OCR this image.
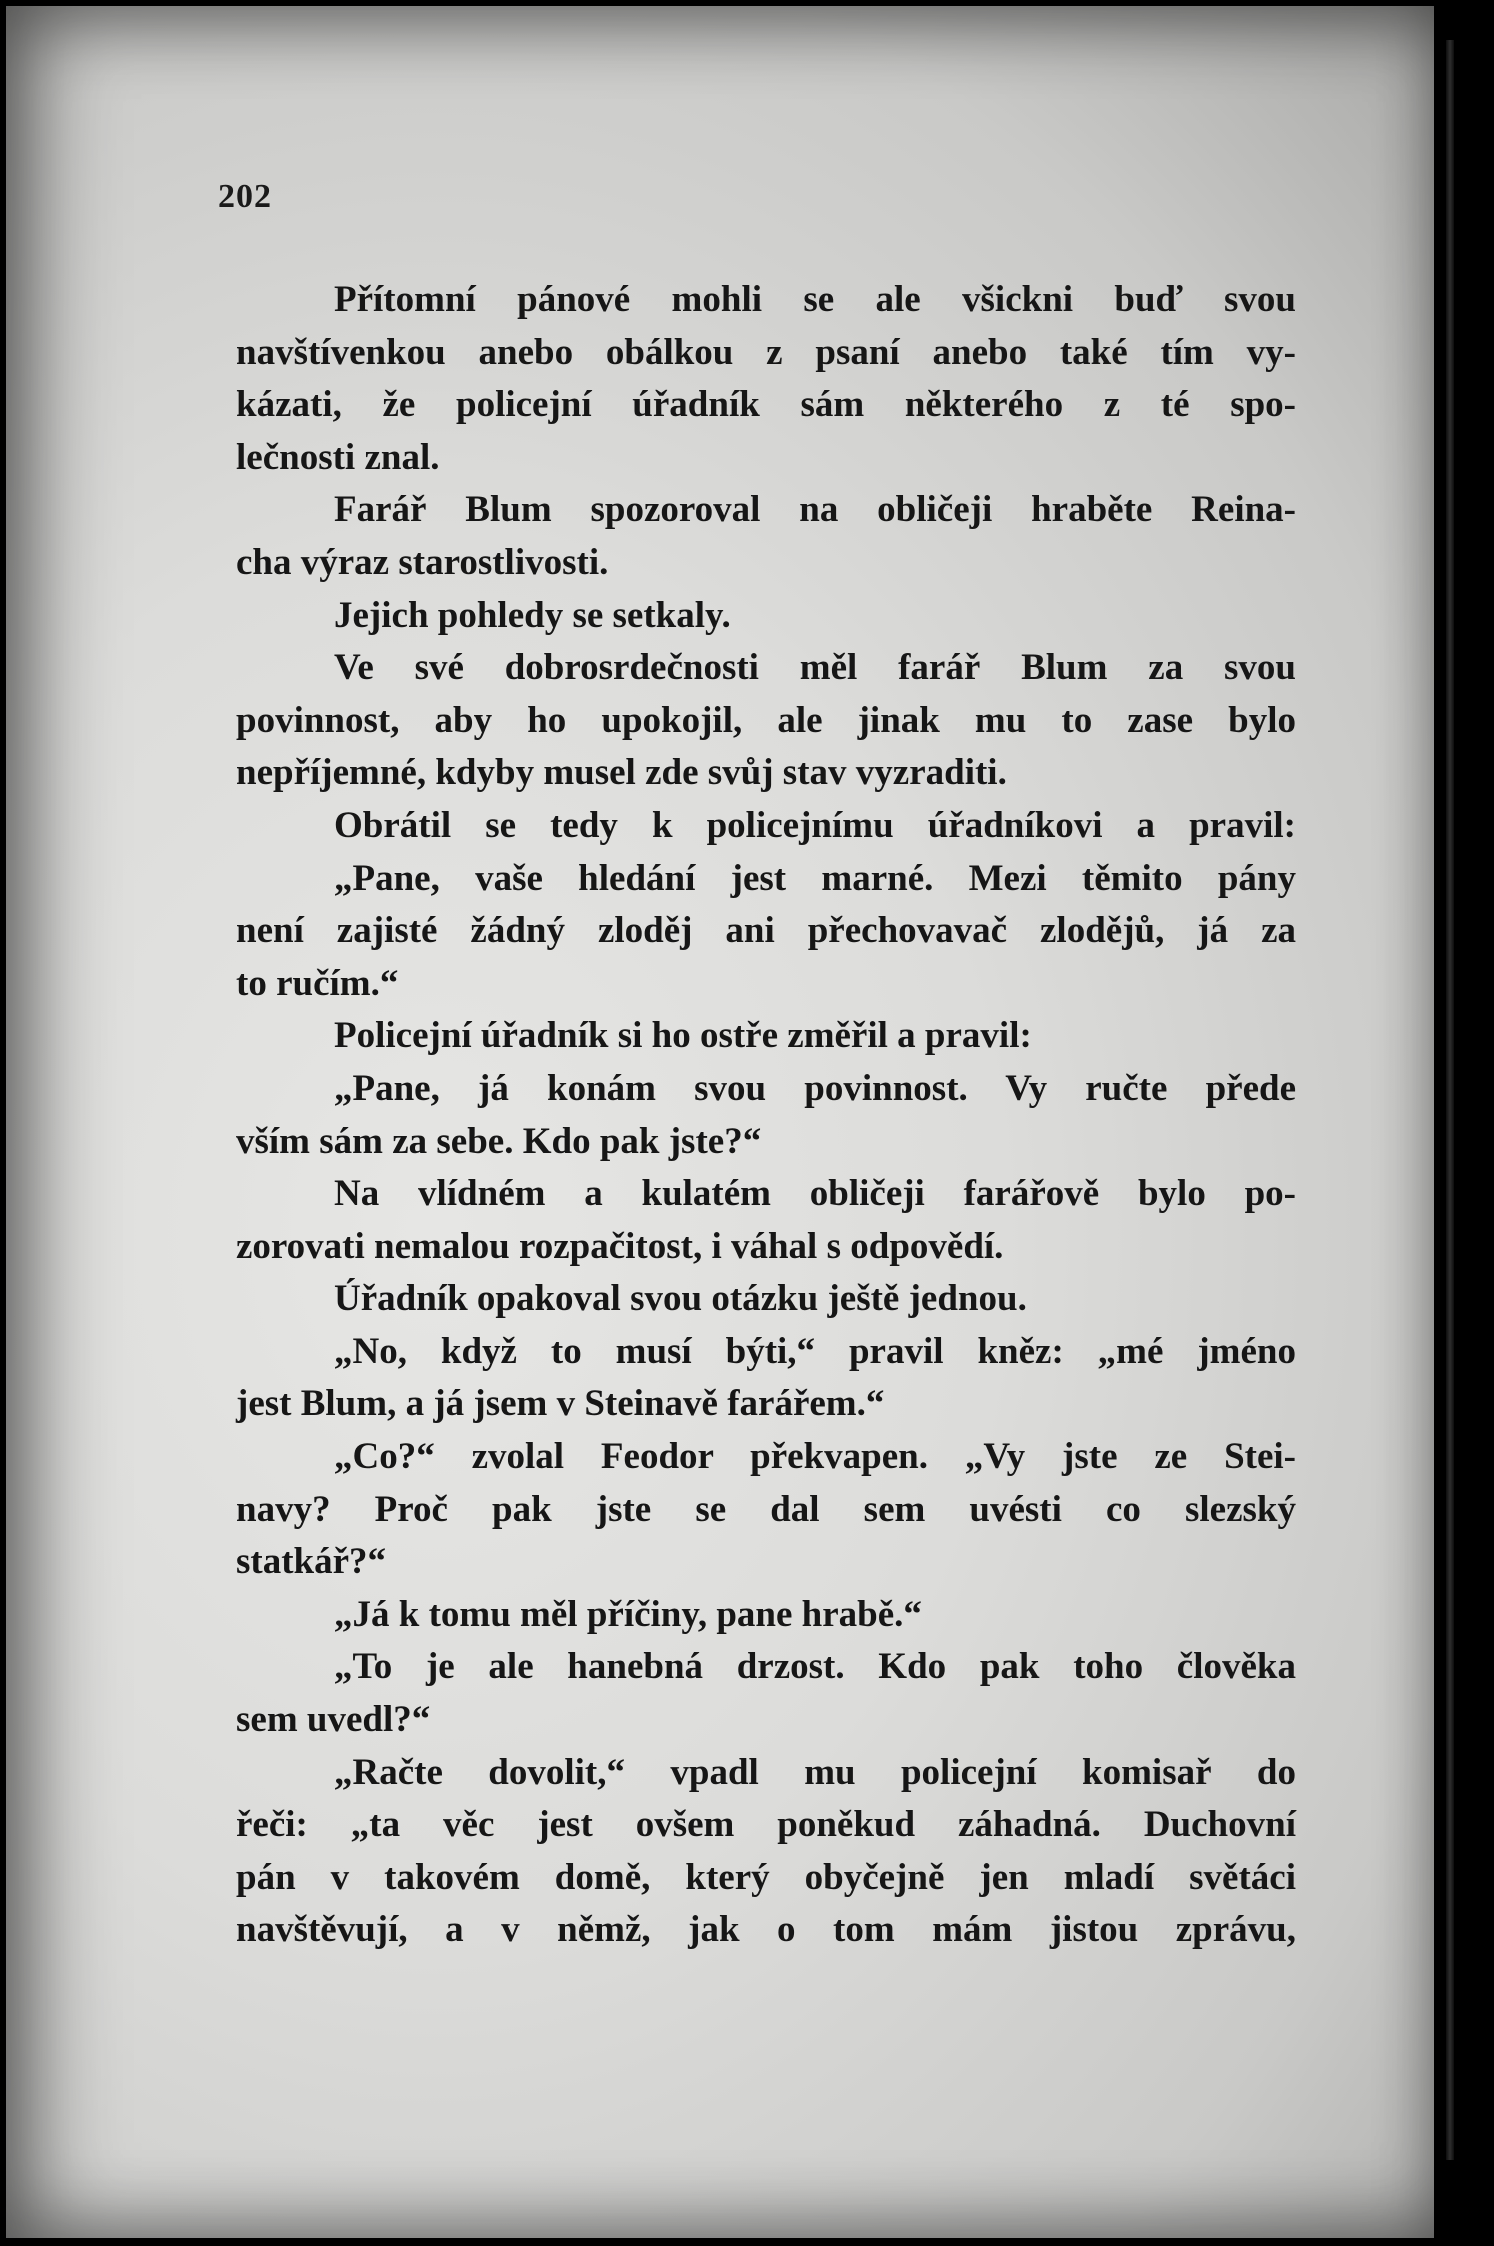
202
Přítomní pánové mohli se ale všickni buď svou
navštívenkou anebo obálkou z psaní anebo také tím vy-
kázati, že policejní úřadník sám některého z té spo-
lečnosti znal.
Farář Blum spozoroval na obličeji hraběte Reina-
cha výraz starostlivosti.
Jejich pohledy se setkaly.
Ve své dobrosrdečnosti měl farář Blum za svou
povinnost, aby ho upokojil, ale jinak mu to zase bylo
nepříjemné, kdyby musel zde svůj stav vyzraditi.
Obrátil se tedy k policejnímu úřadníkovi a pravil:
„Pane, vaše hledání jest marné. Mezi těmito pány
není zajisté žádný zloděj ani přechovavač zlodějů, já za
to ručím.“
Policejní úřadník si ho ostře změřil a pravil:
„Pane, já konám svou povinnost. Vy ručte přede
vším sám za sebe. Kdo pak jste?“
Na vlídném a kulatém obličeji farářově bylo po-
zorovati nemalou rozpačitost, i váhal s odpovědí.
Úřadník opakoval svou otázku ještě jednou.
„No, když to musí býti,“ pravil kněz: „mé jméno
jest Blum, a já jsem v Steinavě farářem.“
„Co?“ zvolal Feodor překvapen. „Vy jste ze Stei-
navy? Proč pak jste se dal sem uvésti co slezský
statkář?“
„Já k tomu měl příčiny, pane hrabě.“
„To je ale hanebná drzost. Kdo pak toho člověka
sem uvedl?“
„Račte dovolit,“ vpadl mu policejní komisař do
řeči: „ta věc jest ovšem poněkud záhadná. Duchovní
pán v takovém domě, který obyčejně jen mladí světáci
navštěvují, a v němž, jak o tom mám jistou zprávu,
